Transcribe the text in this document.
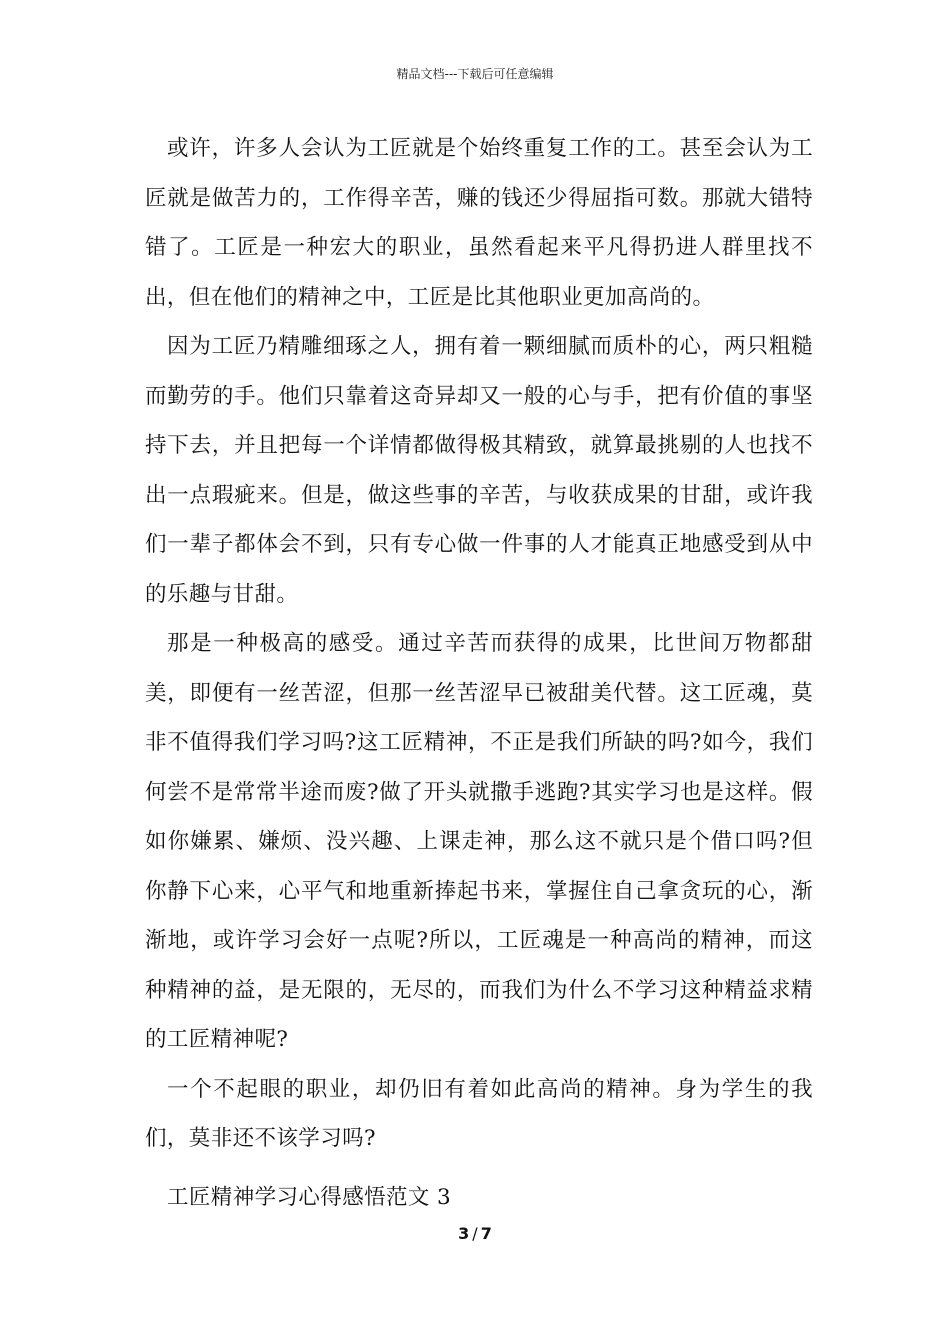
精品文档---下载后可任意编辑

或许，许多人会认为工匠就是个始终重复工作的工。甚至会认为工匠就是做苦力的，工作得辛苦，赚的钱还少得屈指可数。那就大错特错了。工匠是一种宏大的职业，虽然看起来平凡得扔进人群里找不出，但在他们的精神之中，工匠是比其他职业更加高尚的。

因为工匠乃精雕细琢之人，拥有着一颗细腻而质朴的心，两只粗糙而勤劳的手。他们只靠着这奇异却又一般的心与手，把有价值的事坚持下去，并且把每一个详情都做得极其精致，就算最挑剔的人也找不出一点瑕疵来。但是，做这些事的辛苦，与收获成果的甘甜，或许我们一辈子都体会不到，只有专心做一件事的人才能真正地感受到从中的乐趣与甘甜。

那是一种极高的感受。通过辛苦而获得的成果，比世间万物都甜美，即便有一丝苦涩，但那一丝苦涩早已被甜美代替。这工匠魂，莫非不值得我们学习吗?这工匠精神，不正是我们所缺的吗?如今，我们何尝不是常常半途而废?做了开头就撒手逃跑?其实学习也是这样。假如你嫌累、嫌烦、没兴趣、上课走神，那么这不就只是个借口吗?但你静下心来，心平气和地重新捧起书来，掌握住自己拿贪玩的心，渐渐地，或许学习会好一点呢?所以，工匠魂是一种高尚的精神，而这种精神的益，是无限的，无尽的，而我们为什么不学习这种精益求精的工匠精神呢?

一个不起眼的职业，却仍旧有着如此高尚的精神。身为学生的我们，莫非还不该学习吗?

工匠精神学习心得感悟范文 3

3 / 7
